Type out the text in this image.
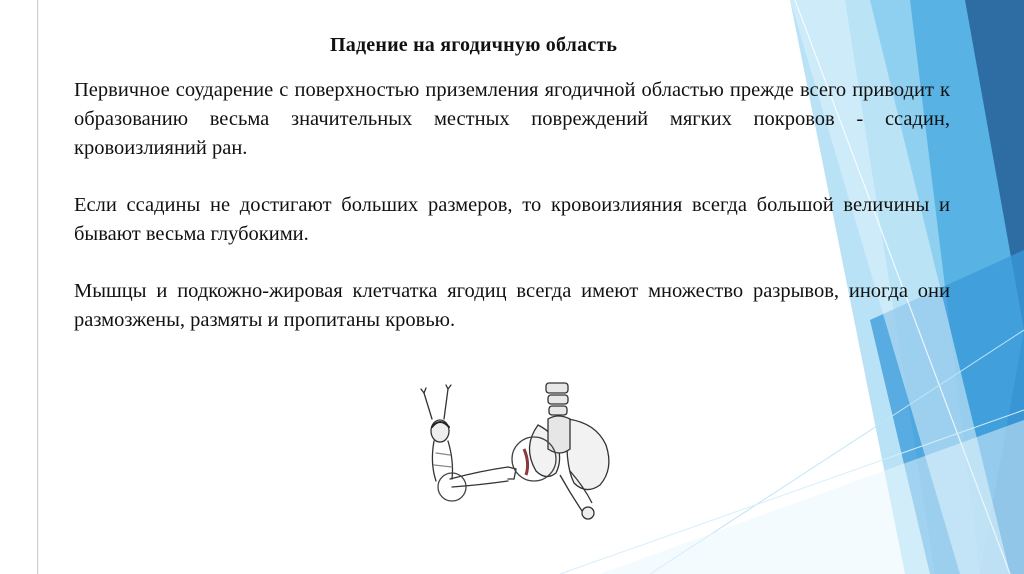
Падение на ягодичную область

Первичное соударение с поверхностью приземления ягодичной областью прежде всего приводит к образованию весьма значительных местных повреждений мягких покровов - ссадин, кровоизлияний ран.

Если ссадины не достигают больших размеров, то кровоизлияния всегда большой величины и бывают весьма глубокими.

Мышцы и подкожно-жировая клетчатка ягодиц всегда имеют множество разрывов, иногда они размозжены, размяты и пропитаны кровью.
